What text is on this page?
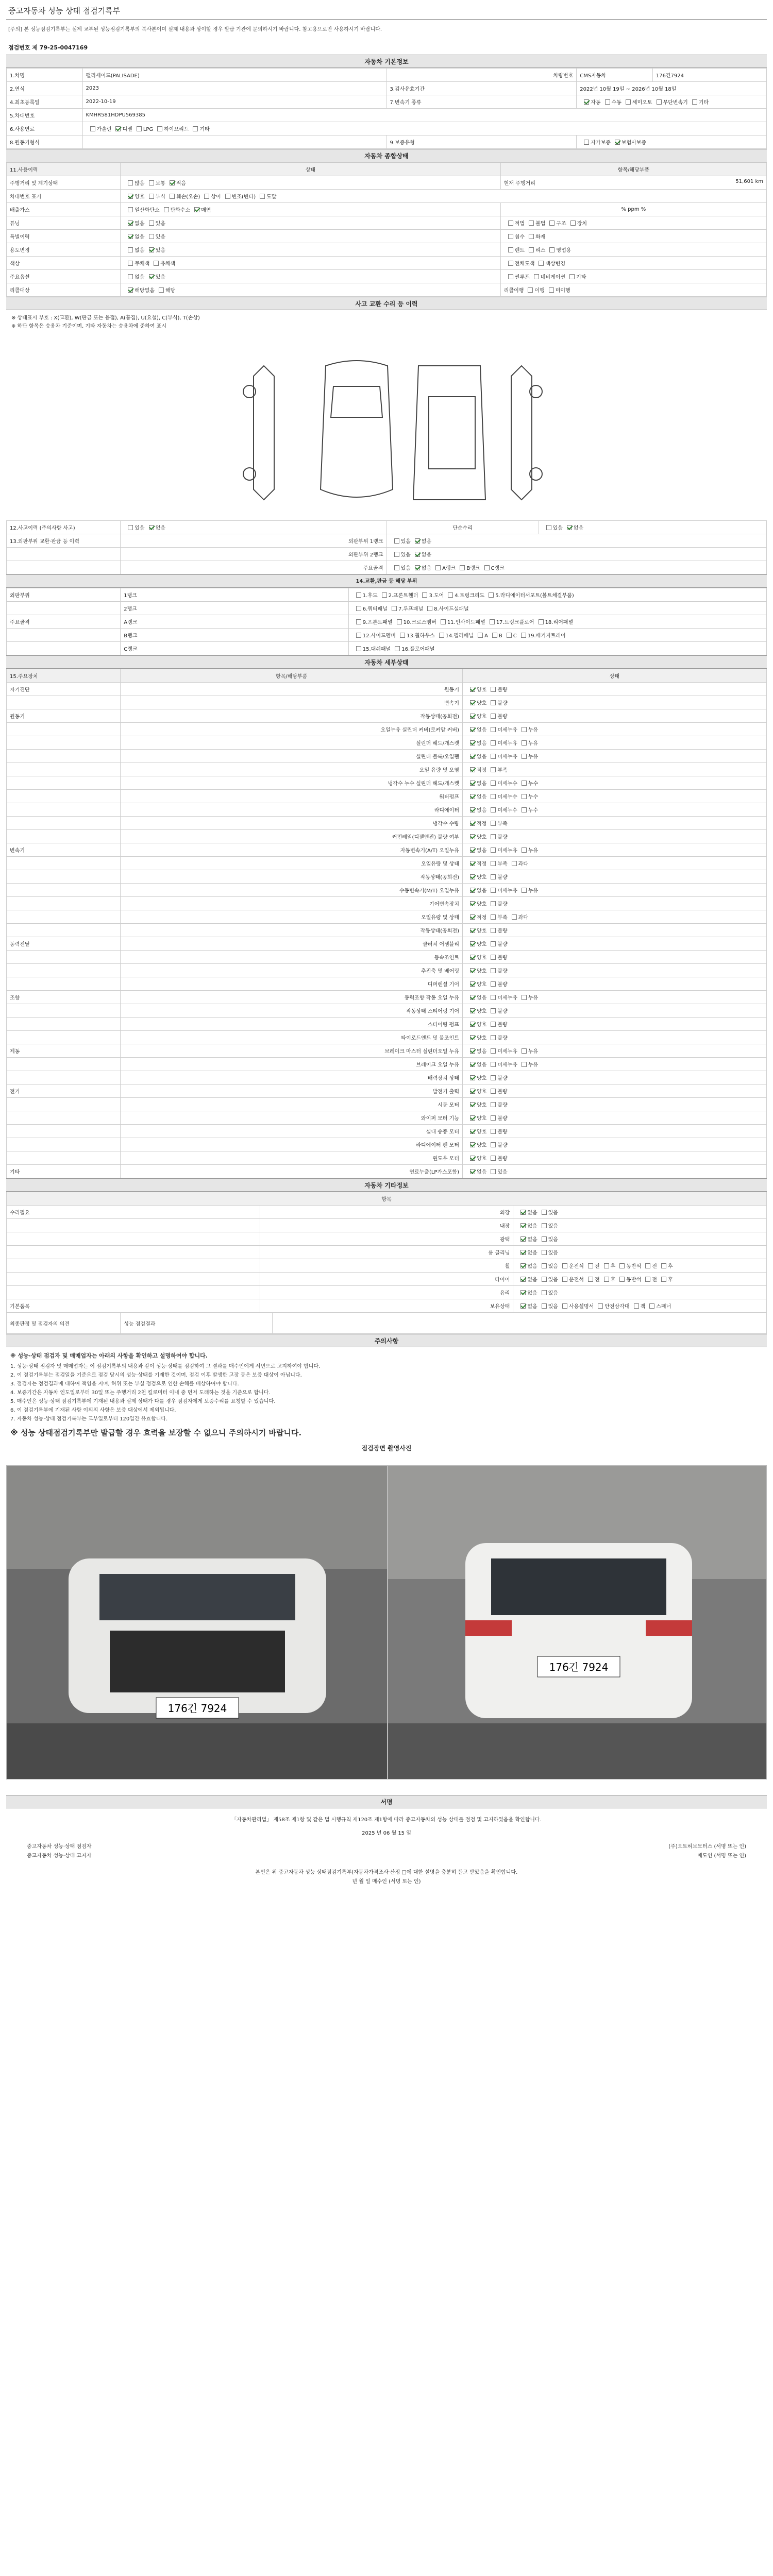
중고자동차 성능 상태 점검기록부
[주의] 본 성능점검기록부는 실제 교부된 성능점검기록부의 복사본이며 실제 내용과 상이할 경우 발급 기관에 문의하시기 바랍니다. 참고용으로만 사용하시기 바랍니다.
점검번호 제 79-25-0047169
자동차 기본정보
1.차명	팰리세이드(PALISADE)	차량번호	CMS자동차	176긴7924
2.연식	2023	3.검사유효기간	2022년 10월 19일 ~ 2026년 10월 18일	
4.최초등록일	2022-10-19	7.변속기 종류	자동 수동 세미오토 무단변속기 기타	
5.차대번호	KMHR581HDPU569385			
6.사용연료	가솔린 디젤 LPG 하이브리드 기타			
8.원동기형식		9.보증유형	자가보증 보험사보증	
자동차 종합상태
11.사용이력	상태	항목/해당부품
주행거리 및 계기상태	많음 보통 적음	현재 주행거리 51,601 km

차대번호 표기	양호 부식 훼손(오손) 상이 변조(변타) 도말	
배출가스	일산화탄소 탄화수소 매연	% ppm %
튜닝	없음 있음	적법 불법 구조 장치
특별이력	없음 있음	침수 화재
용도변경	없음 있음	렌트 리스 영업용
색상	무채색 유채색	전체도색 색상변경
주요옵션	없음 있음	썬루프 네비게이션 기타
리콜대상	해당없음 해당	리콜이행 이행 미이행
사고 교환 수리 등 이력
※ 상태표시 부호 : X(교환), W(판금 또는 용접), A(흠집), U(요철), C(부식), T(손상)
※ 하단 항목은 승용차 기준이며, 기타 자동차는 승용차에 준하여 표시
12.사고이력 (주의사항 사고)	있음 없음	단순수리	있음 없음
13.외판부위 교환·판금 등 이력	외판부위 1랭크	있음 없음	
	외판부위 2랭크	있음 없음	
	주요골격	있음 없음 A랭크 B랭크 C랭크	
14.교환,판금 등 해당 부위
외판부위	1랭크	1.후드 2.프론트휀더 3.도어 4.트렁크리드 5.라디에이터서포트(볼트체결부품)
	2랭크	6.쿼터패널 7.루프패널 8.사이드실패널
주요골격	A랭크	9.프론트패널 10.크로스멤버 11.인사이드패널 17.트렁크플로어 18.리어패널
	B랭크	12.사이드멤버 13.휠하우스 14.필러패널 A B C 19.패키지트레이
	C랭크	15.대쉬패널 16.플로어패널
자동차 세부상태
15.주요장치	항목/해당부품	상태
자기진단	원동기	양호 불량
	변속기	양호 불량
원동기	작동상태(공회전)	양호 불량
	오일누유 실린더 커버(로커암 커버)	없음 미세누유 누유
	실린더 헤드/개스켓	없음 미세누유 누유
	실린더 블록/오일팬	없음 미세누유 누유
	오일 유량 및 오염	적정 부족
	냉각수 누수 실린더 헤드/개스켓	없음 미세누수 누수
	워터펌프	없음 미세누수 누수
	라디에이터	없음 미세누수 누수
	냉각수 수량	적정 부족
	커먼레일(디젤엔진) 불량 여부	양호 불량
변속기	자동변속기(A/T) 오일누유	없음 미세누유 누유
	오일유량 및 상태	적정 부족 과다
	작동상태(공회전)	양호 불량
	수동변속기(M/T) 오일누유	없음 미세누유 누유
	기어변속장치	양호 불량
	오일유량 및 상태	적정 부족 과다
	작동상태(공회전)	양호 불량
동력전달	클러치 어셈블리	양호 불량
	등속조인트	양호 불량
	추진축 및 베어링	양호 불량
	디퍼렌셜 기어	양호 불량
조향	동력조향 작동 오일 누유	없음 미세누유 누유
	작동상태 스티어링 기어	양호 불량
	스티어링 펌프	양호 불량
	타이로드엔드 및 볼조인트	양호 불량
제동	브레이크 마스터 실린더오일 누유	없음 미세누유 누유
	브레이크 오일 누유	없음 미세누유 누유
	배력장치 상태	양호 불량
전기	발전기 출력	양호 불량
	시동 모터	양호 불량
	와이퍼 모터 기능	양호 불량
	실내 송풍 모터	양호 불량
	라디에이터 팬 모터	양호 불량
	윈도우 모터	양호 불량
기타	연료누출(LP가스포함)	없음 있음
자동차 기타정보
항목		
수리필요	외장	없음 있음
	내장	없음 있음
	광택	없음 있음
	룸 클리닝	없음 있음
	휠	없음 있음 운전석 전 후 동반석 전 후
	타이어	없음 있음 운전석 전 후 동반석 전 후
	유리	없음 있음
기본품목	보유상태	없음 있음 사용설명서 안전삼각대 잭 스패너
최종판정 및 점검자의 의견	성능 점검결과	
주의사항
※ 성능·상태 점검자 및 매매업자는 아래의 사항을 확인하고 설명하여야 합니다.
1. 성능·상태 점검자 및 매매업자는 이 점검기록부의 내용과 같이 성능·상태를 점검하여 그 결과를 매수인에게 서면으로 고지하여야 합니다.
2. 이 점검기록부는 점검일을 기준으로 점검 당시의 성능·상태를 기재한 것이며, 점검 이후 발생한 고장 등은 보증 대상이 아닙니다.
3. 점검자는 점검결과에 대하여 책임을 지며, 허위 또는 부실 점검으로 인한 손해를 배상하여야 합니다.
4. 보증기간은 자동차 인도일로부터 30일 또는 주행거리 2천 킬로미터 이내 중 먼저 도래하는 것을 기준으로 합니다.
5. 매수인은 성능·상태 점검기록부에 기재된 내용과 실제 상태가 다를 경우 점검자에게 보증수리를 요청할 수 있습니다.
6. 이 점검기록부에 기재된 사항 이외의 사항은 보증 대상에서 제외됩니다.
7. 자동차 성능·상태 점검기록부는 교부일로부터 120일간 유효합니다.
※ 성능 상태점검기록부만 발급할 경우 효력을 보장할 수 없으니 주의하시기 바랍니다.
점검장면 촬영사진
176긴 7924
176긴 7924
서명
「자동차관리법」 제58조 제1항 및 같은 법 시행규칙 제120조 제1항에 따라 중고자동차의 성능 상태를 점검 및 고지하였음을 확인합니다.
2025 년 06 월 15 일
중고자동차 성능·상태 점검자	(주)오토허브모터스 (서명 또는 인)
중고자동차 성능·상태 고지자	매도인 (서명 또는 인)
본인은 위 중고자동차 성능 상태점검기록부(자동차가격조사·산정 □에 대한 설명을 충분히 듣고 받았음을 확인합니다.
년 월 일 매수인 (서명 또는 인)
